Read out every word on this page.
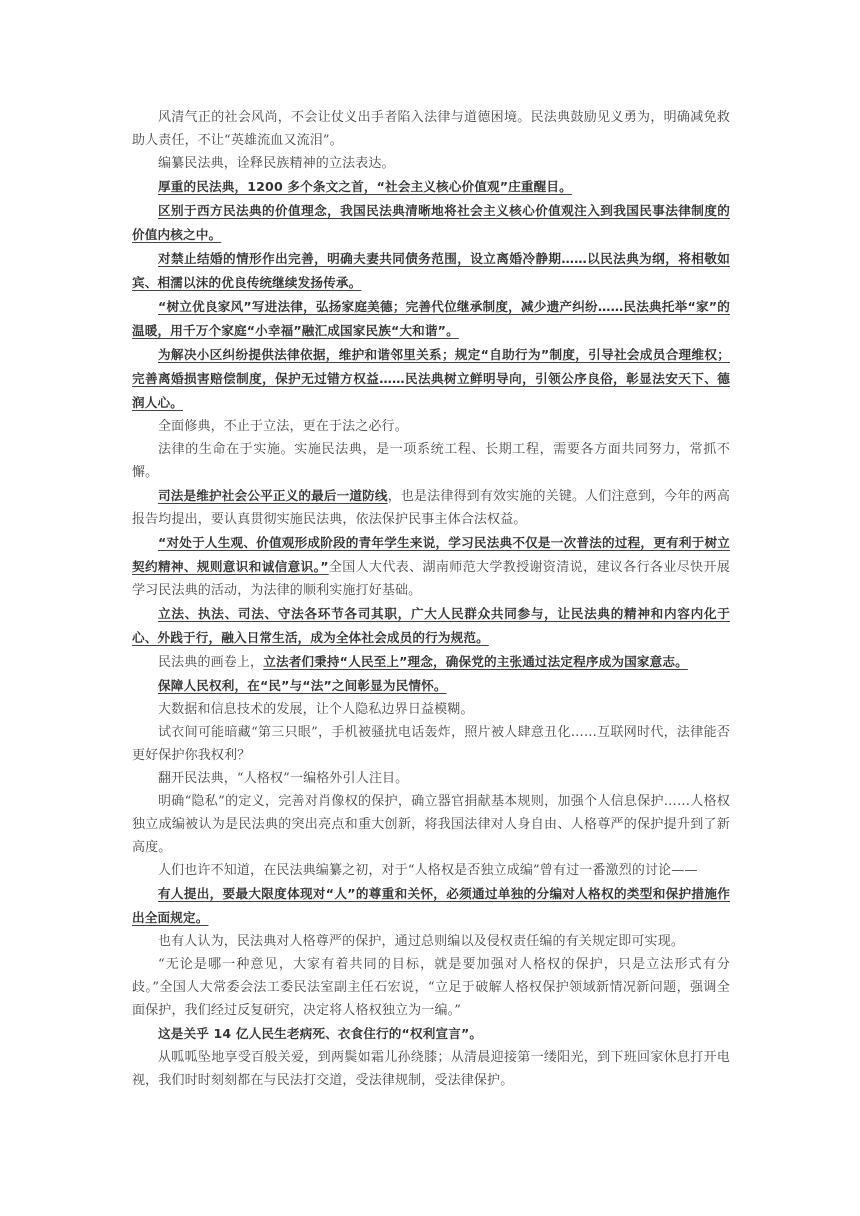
风清气正的社会风尚，不会让仗义出手者陷入法律与道德困境。民法典鼓励见义勇为，明确减免救助人责任，不让“英雄流血又流泪”。

编纂民法典，诠释民族精神的立法表达。

厚重的民法典，1200 多个条文之首，“社会主义核心价值观”庄重醒目。

区别于西方民法典的价值理念，我国民法典清晰地将社会主义核心价值观注入到我国民事法律制度的价值内核之中。

对禁止结婚的情形作出完善，明确夫妻共同债务范围，设立离婚冷静期……以民法典为纲，将相敬如宾、相濡以沫的优良传统继续发扬传承。

“树立优良家风”写进法律，弘扬家庭美德；完善代位继承制度，减少遗产纠纷……民法典托举“家”的温暖，用千万个家庭“小幸福”融汇成国家民族“大和谐”。

为解决小区纠纷提供法律依据，维护和谐邻里关系；规定“自助行为”制度，引导社会成员合理维权；完善离婚损害赔偿制度，保护无过错方权益……民法典树立鲜明导向，引领公序良俗，彰显法安天下、德润人心。

全面修典，不止于立法，更在于法之必行。

法律的生命在于实施。实施民法典，是一项系统工程、长期工程，需要各方面共同努力，常抓不懈。

司法是维护社会公平正义的最后一道防线，也是法律得到有效实施的关键。人们注意到，今年的两高报告均提出，要认真贯彻实施民法典，依法保护民事主体合法权益。

“对处于人生观、价值观形成阶段的青年学生来说，学习民法典不仅是一次普法的过程，更有利于树立契约精神、规则意识和诚信意识。”全国人大代表、湖南师范大学教授谢资清说，建议各行各业尽快开展学习民法典的活动，为法律的顺利实施打好基础。

立法、执法、司法、守法各环节各司其职，广大人民群众共同参与，让民法典的精神和内容内化于心、外践于行，融入日常生活，成为全体社会成员的行为规范。

民法典的画卷上，立法者们秉持“人民至上”理念，确保党的主张通过法定程序成为国家意志。

保障人民权利，在“民”与“法”之间彰显为民情怀。

大数据和信息技术的发展，让个人隐私边界日益模糊。

试衣间可能暗藏“第三只眼”，手机被骚扰电话轰炸，照片被人肆意丑化……互联网时代，法律能否更好保护你我权利？

翻开民法典，“人格权”一编格外引人注目。

明确“隐私”的定义，完善对肖像权的保护，确立器官捐献基本规则，加强个人信息保护……人格权独立成编被认为是民法典的突出亮点和重大创新，将我国法律对人身自由、人格尊严的保护提升到了新高度。

人们也许不知道，在民法典编纂之初，对于“人格权是否独立成编”曾有过一番激烈的讨论——

有人提出，要最大限度体现对“人”的尊重和关怀，必须通过单独的分编对人格权的类型和保护措施作出全面规定。

也有人认为，民法典对人格尊严的保护，通过总则编以及侵权责任编的有关规定即可实现。

“无论是哪一种意见，大家有着共同的目标，就是要加强对人格权的保护，只是立法形式有分歧。”全国人大常委会法工委民法室副主任石宏说，“立足于破解人格权保护领域新情况新问题，强调全面保护，我们经过反复研究，决定将人格权独立为一编。”

这是关乎 14 亿人民生老病死、衣食住行的“权利宣言”。

从呱呱坠地享受百般关爱，到两鬓如霜儿孙绕膝；从清晨迎接第一缕阳光，到下班回家休息打开电视，我们时时刻刻都在与民法打交道，受法律规制，受法律保护。
